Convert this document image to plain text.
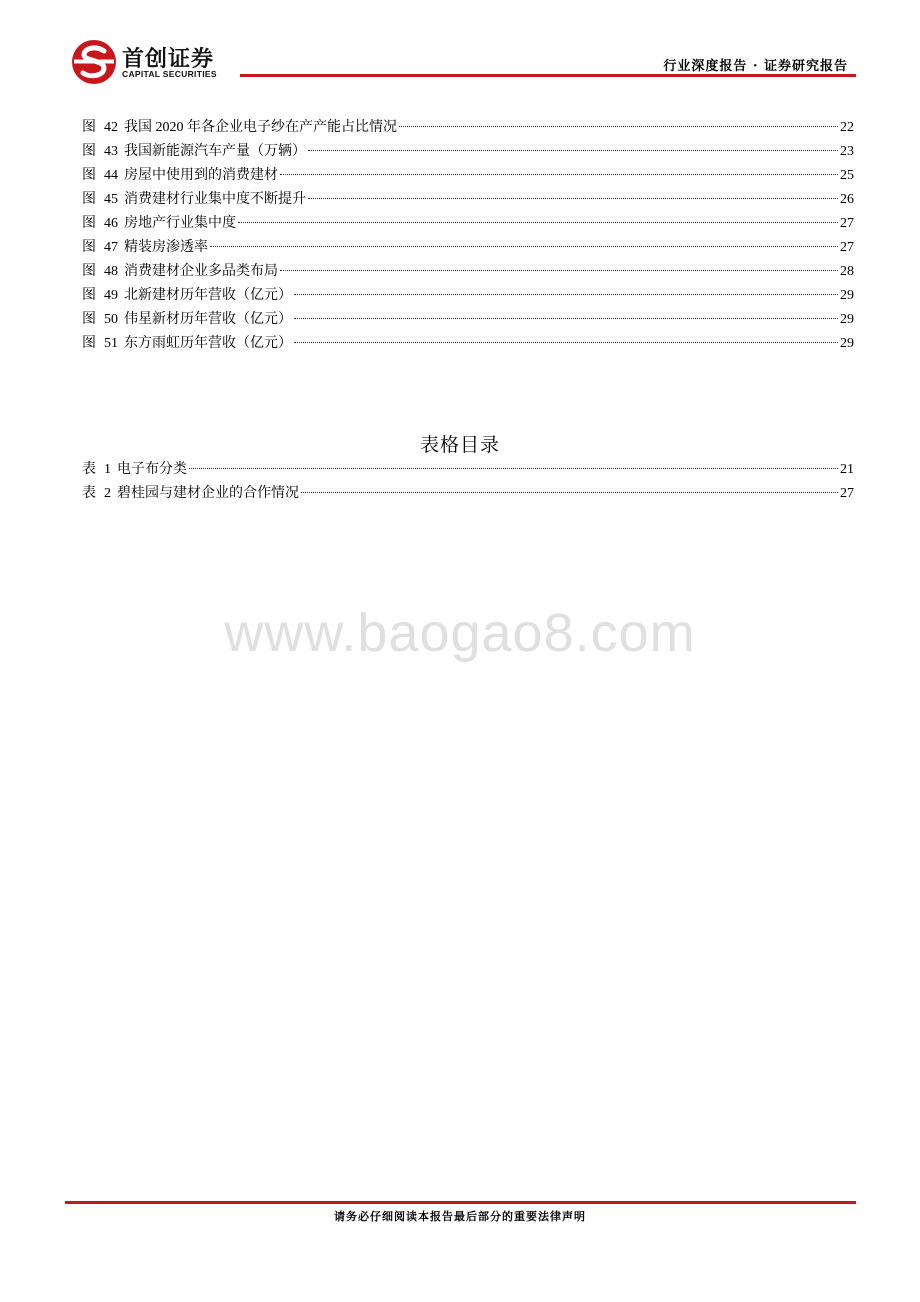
首创证券
CAPITAL SECURITIES	行业深度报告 · 证券研究报告
图 42 我国 2020 年各企业电子纱在产产能占比情况	22
图 43 我国新能源汽车产量（万辆）	23
图 44 房屋中使用到的消费建材	25
图 45 消费建材行业集中度不断提升	26
图 46 房地产行业集中度	27
图 47 精装房渗透率	27
图 48 消费建材企业多品类布局	28
图 49 北新建材历年营收（亿元）	29
图 50 伟星新材历年营收（亿元）	29
图 51 东方雨虹历年营收（亿元）	29
表格目录
表 1 电子布分类	21
表 2 碧桂园与建材企业的合作情况	27
www.baogao8.com
请务必仔细阅读本报告最后部分的重要法律声明
